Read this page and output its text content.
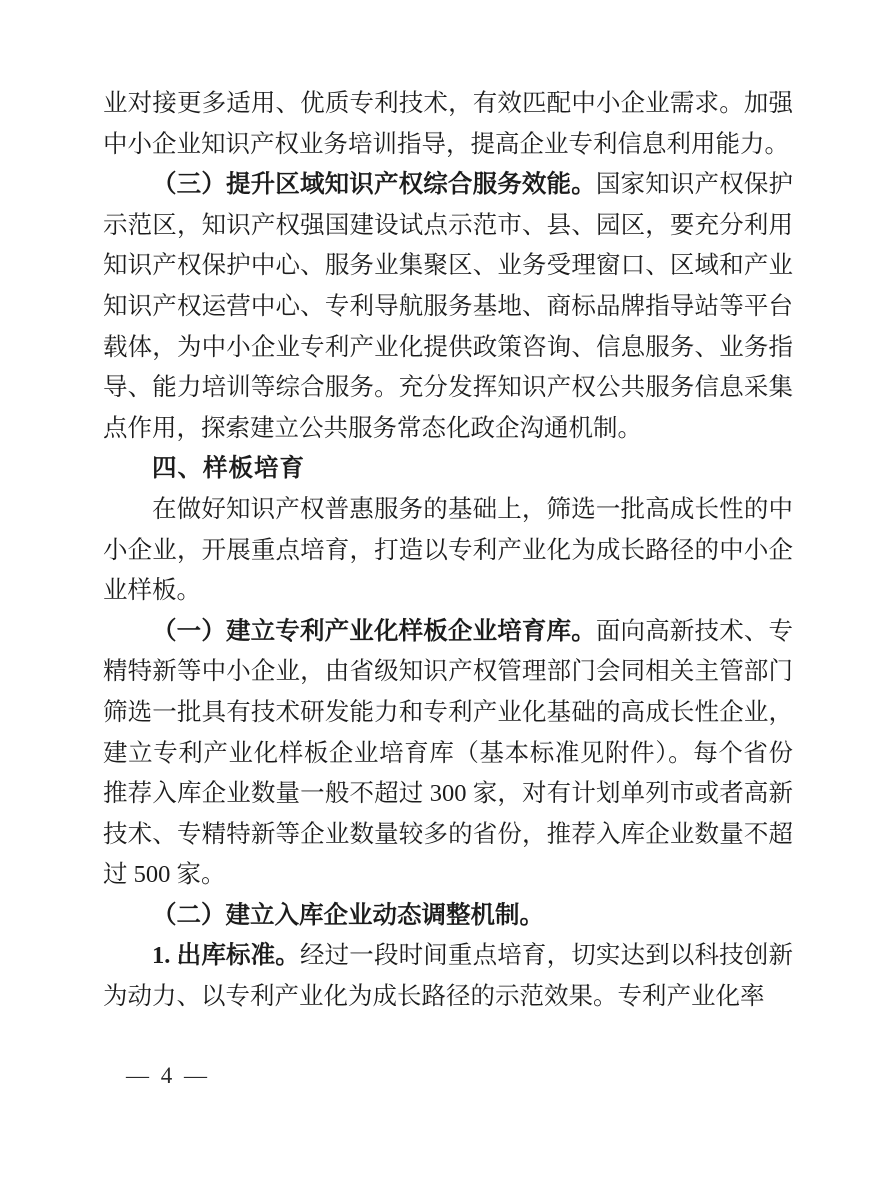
业对接更多适用、优质专利技术，有效匹配中小企业需求。加强中小企业知识产权业务培训指导，提高企业专利信息利用能力。

（三）提升区域知识产权综合服务效能。国家知识产权保护示范区，知识产权强国建设试点示范市、县、园区，要充分利用知识产权保护中心、服务业集聚区、业务受理窗口、区域和产业知识产权运营中心、专利导航服务基地、商标品牌指导站等平台载体，为中小企业专利产业化提供政策咨询、信息服务、业务指导、能力培训等综合服务。充分发挥知识产权公共服务信息采集点作用，探索建立公共服务常态化政企沟通机制。

四、样板培育

在做好知识产权普惠服务的基础上，筛选一批高成长性的中小企业，开展重点培育，打造以专利产业化为成长路径的中小企业样板。

（一）建立专利产业化样板企业培育库。面向高新技术、专精特新等中小企业，由省级知识产权管理部门会同相关主管部门筛选一批具有技术研发能力和专利产业化基础的高成长性企业，建立专利产业化样板企业培育库（基本标准见附件）。每个省份推荐入库企业数量一般不超过 300 家，对有计划单列市或者高新技术、专精特新等企业数量较多的省份，推荐入库企业数量不超过 500 家。

（二）建立入库企业动态调整机制。

1. 出库标准。经过一段时间重点培育，切实达到以科技创新为动力、以专利产业化为成长路径的示范效果。专利产业化率

— 4 —
